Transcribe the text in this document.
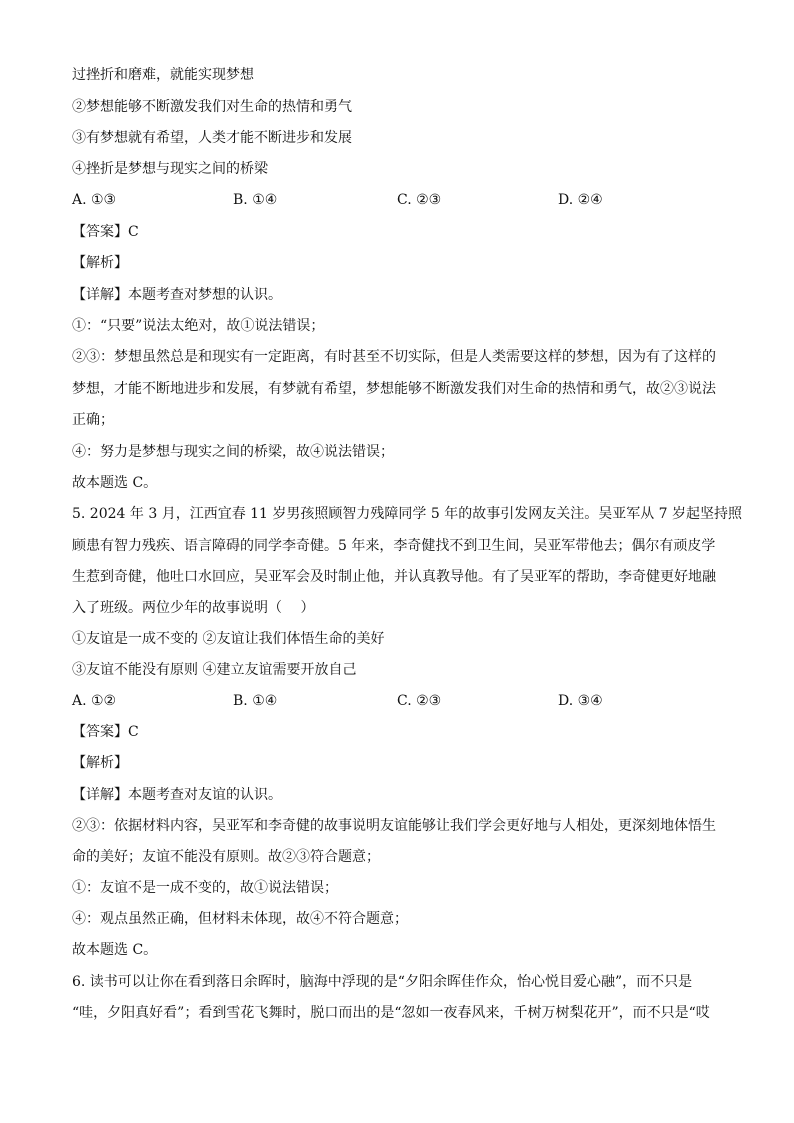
过挫折和磨难，就能实现梦想
②梦想能够不断激发我们对生命的热情和勇气
③有梦想就有希望，人类才能不断进步和发展
④挫折是梦想与现实之间的桥梁
A. ①③	B. ①④	C. ②③	D. ②④
【答案】C
【解析】
【详解】本题考查对梦想的认识。
①：“只要”说法太绝对，故①说法错误；
②③：梦想虽然总是和现实有一定距离，有时甚至不切实际，但是人类需要这样的梦想，因为有了这样的
梦想，才能不断地进步和发展，有梦就有希望，梦想能够不断激发我们对生命的热情和勇气，故②③说法
正确；
④：努力是梦想与现实之间的桥梁，故④说法错误；
故本题选 C。
5. 2024 年 3 月，江西宜春 11 岁男孩照顾智力残障同学 5 年的故事引发网友关注。吴亚军从 7 岁起坚持照
顾患有智力残疾、语言障碍的同学李奇健。5 年来，李奇健找不到卫生间，吴亚军带他去；偶尔有顽皮学
生惹到奇健，他吐口水回应，吴亚军会及时制止他，并认真教导他。有了吴亚军的帮助，李奇健更好地融
入了班级。两位少年的故事说明（　 ）
①友谊是一成不变的 ②友谊让我们体悟生命的美好
③友谊不能没有原则 ④建立友谊需要开放自己
A. ①②	B. ①④	C. ②③	D. ③④
【答案】C
【解析】
【详解】本题考查对友谊的认识。
②③：依据材料内容，吴亚军和李奇健的故事说明友谊能够让我们学会更好地与人相处，更深刻地体悟生
命的美好；友谊不能没有原则。故②③符合题意；
①：友谊不是一成不变的，故①说法错误；
④：观点虽然正确，但材料未体现，故④不符合题意；
故本题选 C。
6. 读书可以让你在看到落日余晖时，脑海中浮现的是“夕阳余晖佳作众，怡心悦目爱心融”，而不只是
“哇，夕阳真好看”；看到雪花飞舞时，脱口而出的是“忽如一夜春风来，千树万树梨花开”，而不只是“哎
